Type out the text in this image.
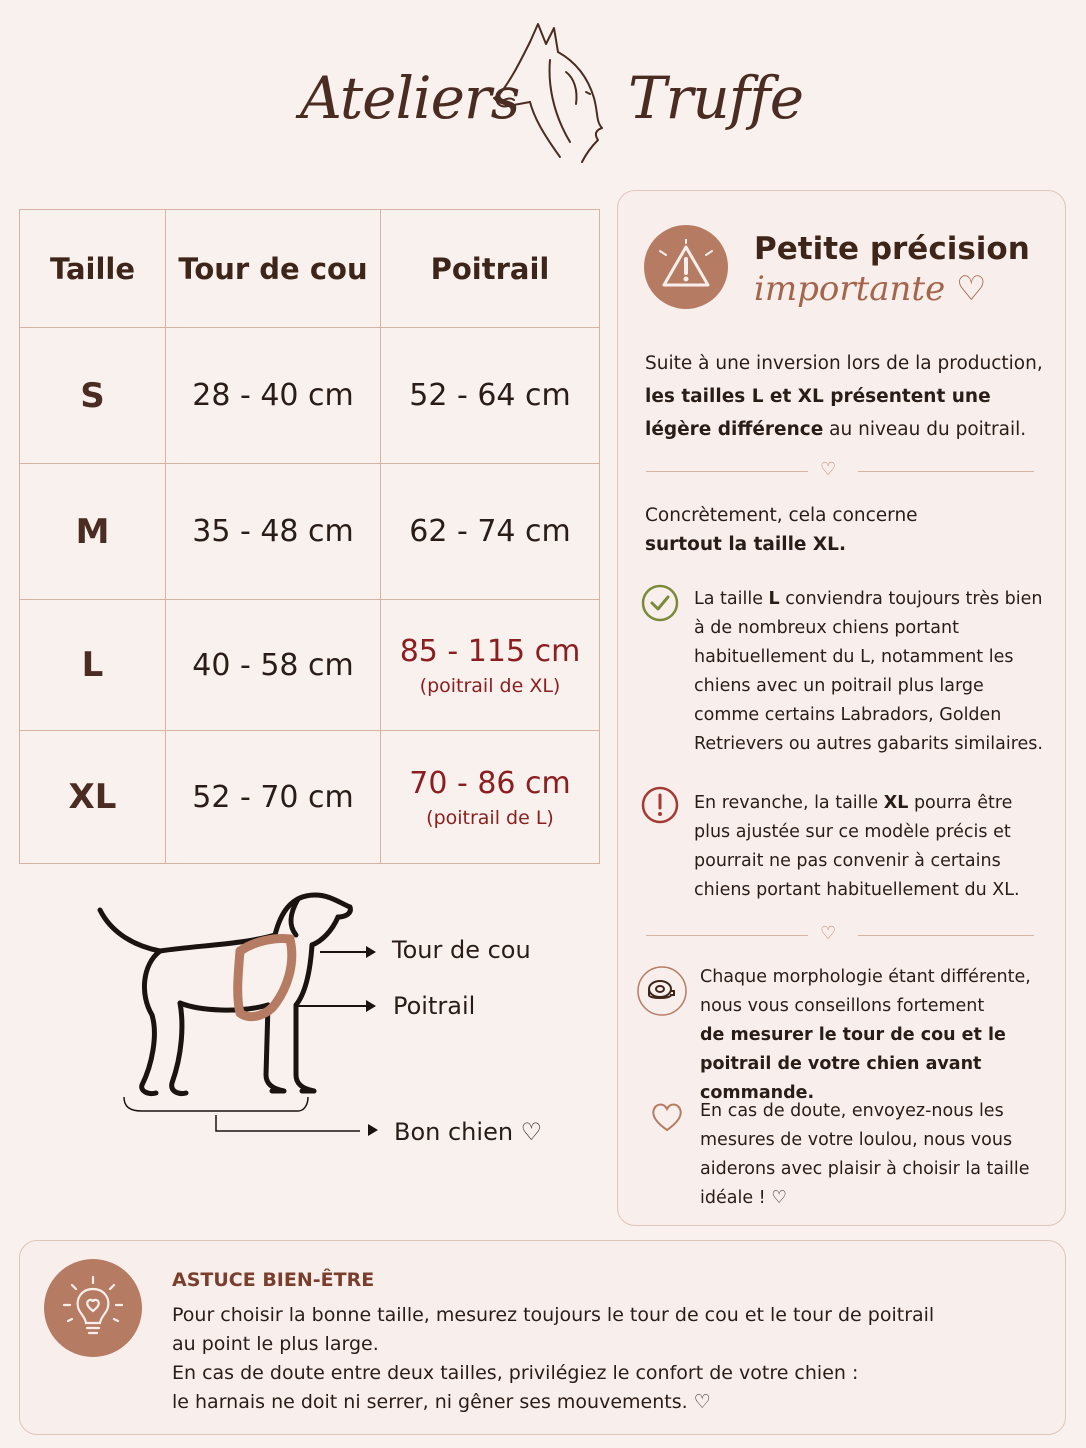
Ateliers Truffe
Taille	Tour de cou	Poitrail
S	28 - 40 cm	52 - 64 cm
M	35 - 48 cm	62 - 74 cm
L	40 - 58 cm	85 - 115 cm
(poitrail de XL)

XL	52 - 70 cm	70 - 86 cm
(poitrail de L)
Tour de cou
Poitrail
Bon chien ♡
Petite précision
importante ♡
Suite à une inversion lors de la production, les tailles L et XL présentent une légère différence au niveau du poitrail.
♡
Concrètement, cela concerne
surtout la taille XL.
La taille L conviendra toujours très bien à de nombreux chiens portant habituellement du L, notamment les chiens avec un poitrail plus large comme certains Labradors, Golden Retrievers ou autres gabarits similaires.
En revanche, la taille XL pourra être plus ajustée sur ce modèle précis et pourrait ne pas convenir à certains chiens portant habituellement du XL.
♡
Chaque morphologie étant différente, nous vous conseillons fortement
de mesurer le tour de cou et le poitrail de votre chien avant commande.
En cas de doute, envoyez-nous les mesures de votre loulou, nous vous aiderons avec plaisir à choisir la taille idéale ! ♡
ASTUCE BIEN-ÊTRE
Pour choisir la bonne taille, mesurez toujours le tour de cou et le tour de poitrail
au point le plus large.
En cas de doute entre deux tailles, privilégiez le confort de votre chien :
le harnais ne doit ni serrer, ni gêner ses mouvements. ♡
